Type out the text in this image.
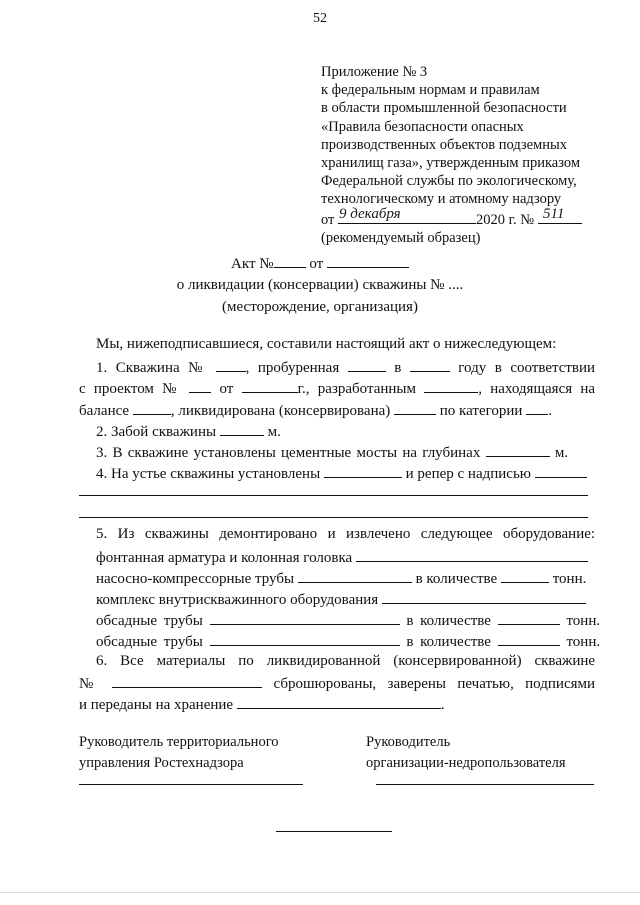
52
Приложение № 3
к федеральным нормам и правилам
в области промышленной безопасности
«Правила безопасности опасных
производственных объектов подземных
хранилищ газа», утвержденным приказом
Федеральной службы по экологическому,
технологическому и атомному надзору
от	2020 г. №
9 декабря	511
(рекомендуемый образец)
Акт № от
о ликвидации (консервации) скважины № ....
(месторождение, организация)
Мы, нижеподписавшиеся, составили настоящий акт о нижеследующем:
1. Скважина №	, пробуренная	в	году в соответствии
с проектом №	от	г., разработанным	, находящаяся на
балансе	, ликвидирована (консервирована)	по категории .
2. Забой скважины	м.
3. В скважине установлены цементные мосты на глубинах	м.
4. На устье скважины установлены	и репер с надписью
5. Из скважины демонтировано и извлечено следующее оборудование:
фонтанная арматура и колонная головка
насосно-компрессорные трубы	в количестве	тонн.
комплекс внутрискважинного оборудования
обсадные трубы	в количестве	тонн.
обсадные трубы	в количестве	тонн.
6. Все материалы по ликвидированной (консервированной) скважине
№	сброшюрованы, заверены печатью, подписями
и переданы на хранение	.
Руководитель территориального
управления Ростехнадзора
Руководитель
организации-недропользователя
